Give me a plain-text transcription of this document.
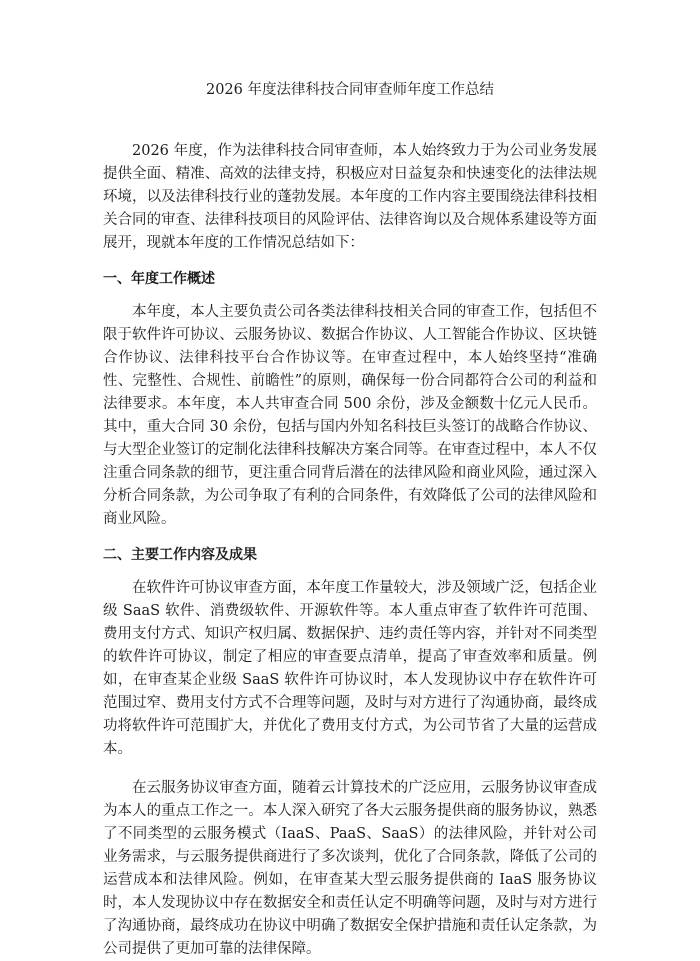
2026 年度法律科技合同审查师年度工作总结

2026 年度，作为法律科技合同审查师，本人始终致力于为公司业务发展提供全面、精准、高效的法律支持，积极应对日益复杂和快速变化的法律法规环境，以及法律科技行业的蓬勃发展。本年度的工作内容主要围绕法律科技相关合同的审查、法律科技项目的风险评估、法律咨询以及合规体系建设等方面展开，现就本年度的工作情况总结如下：

一、年度工作概述

本年度，本人主要负责公司各类法律科技相关合同的审查工作，包括但不限于软件许可协议、云服务协议、数据合作协议、人工智能合作协议、区块链合作协议、法律科技平台合作协议等。在审查过程中，本人始终坚持“准确性、完整性、合规性、前瞻性”的原则，确保每一份合同都符合公司的利益和法律要求。本年度，本人共审查合同 500 余份，涉及金额数十亿元人民币。其中，重大合同 30 余份，包括与国内外知名科技巨头签订的战略合作协议、与大型企业签订的定制化法律科技解决方案合同等。在审查过程中，本人不仅注重合同条款的细节，更注重合同背后潜在的法律风险和商业风险，通过深入分析合同条款，为公司争取了有利的合同条件，有效降低了公司的法律风险和商业风险。

二、主要工作内容及成果

在软件许可协议审查方面，本年度工作量较大，涉及领域广泛，包括企业级 SaaS 软件、消费级软件、开源软件等。本人重点审查了软件许可范围、费用支付方式、知识产权归属、数据保护、违约责任等内容，并针对不同类型的软件许可协议，制定了相应的审查要点清单，提高了审查效率和质量。例如，在审查某企业级 SaaS 软件许可协议时，本人发现协议中存在软件许可范围过窄、费用支付方式不合理等问题，及时与对方进行了沟通协商，最终成功将软件许可范围扩大，并优化了费用支付方式，为公司节省了大量的运营成本。

在云服务协议审查方面，随着云计算技术的广泛应用，云服务协议审查成为本人的重点工作之一。本人深入研究了各大云服务提供商的服务协议，熟悉了不同类型的云服务模式（IaaS、PaaS、SaaS）的法律风险，并针对公司业务需求，与云服务提供商进行了多次谈判，优化了合同条款，降低了公司的运营成本和法律风险。例如，在审查某大型云服务提供商的 IaaS 服务协议时，本人发现协议中存在数据安全和责任认定不明确等问题，及时与对方进行了沟通协商，最终成功在协议中明确了数据安全保护措施和责任认定条款，为公司提供了更加可靠的法律保障。
